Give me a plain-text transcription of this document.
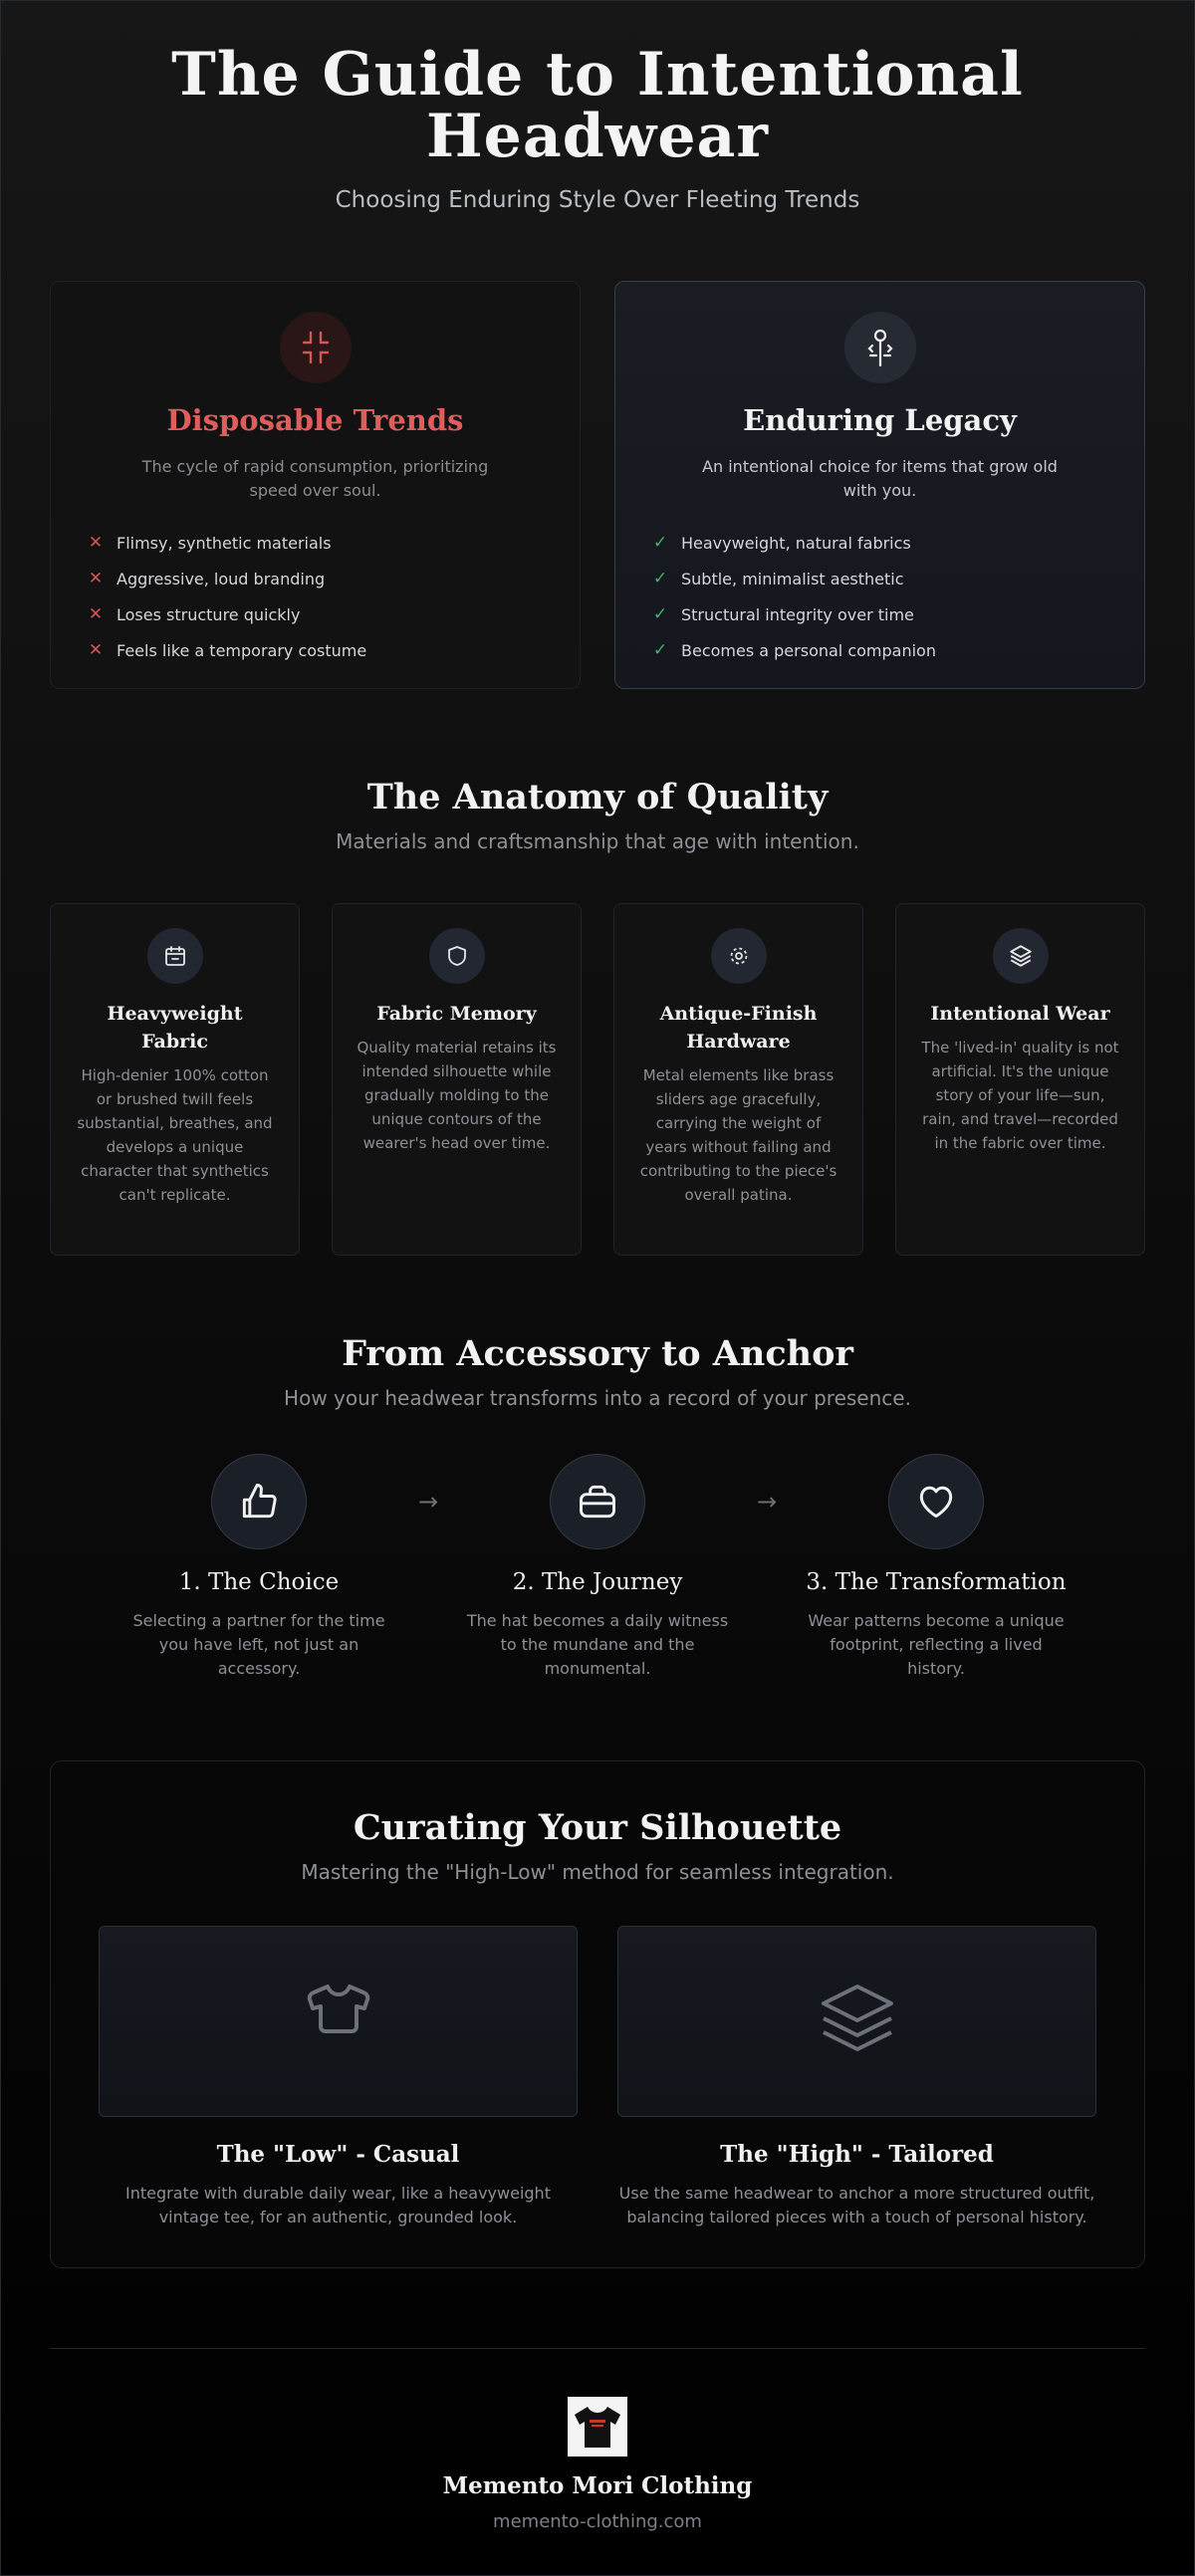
The Guide to Intentional Headwear
Choosing Enduring Style Over Fleeting Trends
Disposable Trends

The cycle of rapid consumption, prioritizing speed over soul.

✕ Flimsy, synthetic materials
✕ Aggressive, loud branding
✕ Loses structure quickly
✕ Feels like a temporary costume
Enduring Legacy

An intentional choice for items that grow old with you.

✓ Heavyweight, natural fabrics
✓ Subtle, minimalist aesthetic
✓ Structural integrity over time
✓ Becomes a personal companion
The Anatomy of Quality
Materials and craftsmanship that age with intention.
Heavyweight Fabric

High-denier 100% cotton or brushed twill feels substantial, breathes, and develops a unique character that synthetics can't replicate.

Fabric Memory

Quality material retains its intended silhouette while gradually molding to the unique contours of the wearer's head over time.

Antique-Finish Hardware

Metal elements like brass sliders age gracefully, carrying the weight of years without failing and contributing to the piece's overall patina.

Intentional Wear

The 'lived-in' quality is not artificial. It's the unique story of your life—sun, rain, and travel—recorded in the fabric over time.

From Accessory to Anchor
How your headwear transforms into a record of your presence.
1. The Choice

Selecting a partner for the time you have left, not just an accessory.

→
2. The Journey

The hat becomes a daily witness to the mundane and the monumental.

→
3. The Transformation

Wear patterns become a unique footprint, reflecting a lived history.

Curating Your Silhouette
Mastering the "High-Low" method for seamless integration.
The "Low" - Casual

Integrate with durable daily wear, like a heavyweight vintage tee, for an authentic, grounded look.

The "High" - Tailored

Use the same headwear to anchor a more structured outfit, balancing tailored pieces with a touch of personal history.

Memento Mori Clothing
memento-clothing.com
